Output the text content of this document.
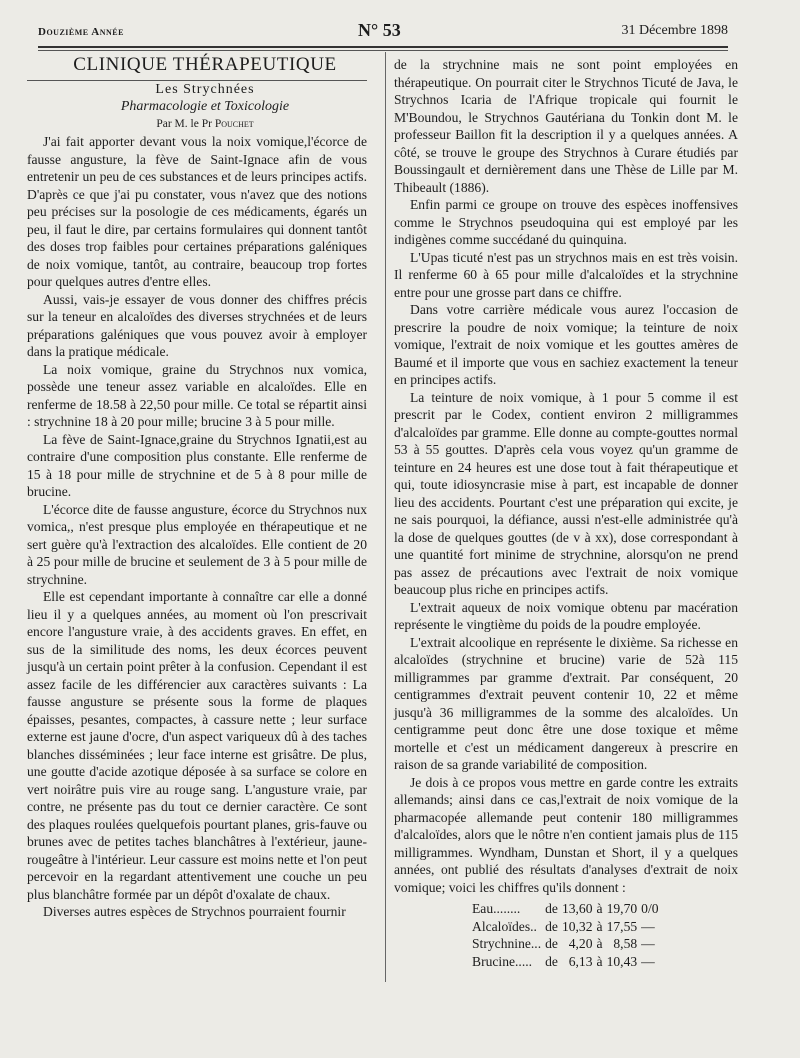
Douzième Année	N° 53	31 Décembre 1898

CLINIQUE THÉRAPEUTIQUE

Les Strychnées

Pharmacologie et Toxicologie

Par M. le Pr Pouchet

J'ai fait apporter devant vous la noix vomique,l'écorce de fausse angusture, la fève de Saint-Ignace afin de vous entretenir un peu de ces substances et de leurs principes actifs. D'après ce que j'ai pu constater, vous n'avez que des notions peu précises sur la posologie de ces médicaments, égarés un peu, il faut le dire, par certains formulaires qui donnent tantôt des doses trop faibles pour certaines préparations galéniques de noix vomique, tantôt, au contraire, beaucoup trop fortes pour quelques autres d'entre elles.

Aussi, vais-je essayer de vous donner des chiffres précis sur la teneur en alcaloïdes des diverses strychnées et de leurs préparations galéniques que vous pouvez avoir à employer dans la pratique médicale.

La noix vomique, graine du Strychnos nux vomica, possède une teneur assez variable en alcaloïdes. Elle en renferme de 18.58 à 22,50 pour mille. Ce total se répartit ainsi : strychnine 18 à 20 pour mille; brucine 3 à 5 pour mille.

La fève de Saint-Ignace,graine du Strychnos Ignatii,est au contraire d'une composition plus constante. Elle renferme de 15 à 18 pour mille de strychnine et de 5 à 8 pour mille de brucine.

L'écorce dite de fausse angusture, écorce du Strychnos nux vomica,, n'est presque plus employée en thérapeutique et ne sert guère qu'à l'extraction des alcaloïdes. Elle contient de 20 à 25 pour mille de brucine et seulement de 3 à 5 pour mille de strychnine.

Elle est cependant importante à connaître car elle a donné lieu il y a quelques années, au moment où l'on prescrivait encore l'angusture vraie, à des accidents graves. En effet, en sus de la similitude des noms, les deux écorces peuvent jusqu'à un certain point prêter à la confusion. Cependant il est assez facile de les différencier aux caractères suivants : La fausse angusture se présente sous la forme de plaques épaisses, pesantes, compactes, à cassure nette ; leur surface externe est jaune d'ocre, d'un aspect variqueux dû à des taches blanches disséminées ; leur face interne est grisâtre. De plus, une goutte d'acide azotique déposée à sa surface se colore en vert noirâtre puis vire au rouge sang. L'angusture vraie, par contre, ne présente pas du tout ce dernier caractère. Ce sont des plaques roulées quelquefois pourtant planes, gris-fauve ou brunes avec de petites taches blanchâtres à l'extérieur, jaune-rougeâtre à l'intérieur. Leur cassure est moins nette et l'on peut percevoir en la regardant attentivement une couche un peu plus blanchâtre formée par un dépôt d'oxalate de chaux.

Diverses autres espèces de Strychnos pourraient fournir

de la strychnine mais ne sont point employées en thérapeutique. On pourrait citer le Strychnos Ticuté de Java, le Strychnos Icaria de l'Afrique tropicale qui fournit le M'Boundou, le Strychnos Gautériana du Tonkin dont M. le professeur Baillon fit la description il y a quelques années. A côté, se trouve le groupe des Strychnos à Curare étudiés par Boussingault et dernièrement dans une Thèse de Lille par M. Thibeault (1886).

Enfin parmi ce groupe on trouve des espèces inoffensives comme le Strychnos pseudoquina qui est employé par les indigènes comme succédané du quinquina.

L'Upas ticuté n'est pas un strychnos mais en est très voisin. Il renferme 60 à 65 pour mille d'alcaloïdes et la strychnine entre pour une grosse part dans ce chiffre.

Dans votre carrière médicale vous aurez l'occasion de prescrire la poudre de noix vomique; la teinture de noix vomique, l'extrait de noix vomique et les gouttes amères de Baumé et il importe que vous en sachiez exactement la teneur en principes actifs.

La teinture de noix vomique, à 1 pour 5 comme il est prescrit par le Codex, contient environ 2 milligrammes d'alcaloïdes par gramme. Elle donne au compte-gouttes normal 53 à 55 gouttes. D'après cela vous voyez qu'un gramme de teinture en 24 heures est une dose tout à fait thérapeutique et qui, toute idiosyncrasie mise à part, est incapable de donner lieu des accidents. Pourtant c'est une préparation qui excite, je ne sais pourquoi, la défiance, aussi n'est-elle administrée qu'à la dose de quelques gouttes (de v à xx), dose correspondant à une quantité fort minime de strychnine, alorsqu'on ne prend pas assez de précautions avec l'extrait de noix vomique beaucoup plus riche en principes actifs.

L'extrait aqueux de noix vomique obtenu par macération représente le vingtième du poids de la poudre employée.

L'extrait alcoolique en représente le dixième. Sa richesse en alcaloïdes (strychnine et brucine) varie de 52à 115 milligrammes par gramme d'extrait. Par conséquent, 20 centigrammes d'extrait peuvent contenir 10, 22 et même jusqu'à 36 milligrammes de la somme des alcaloïdes. Un centigramme peut donc être une dose toxique et même mortelle et c'est un médicament dangereux à prescrire en raison de sa grande variabilité de composition.

Je dois à ce propos vous mettre en garde contre les extraits allemands; ainsi dans ce cas,l'extrait de noix vomique de la pharmacopée allemande peut contenir 180 milligrammes d'alcaloïdes, alors que le nôtre n'en contient jamais plus de 115 milligrammes. Wyndham, Dunstan et Short, il y a quelques années, ont publié des résultats d'analyses d'extrait de noix vomique; voici les chiffres qu'ils donnent :

Eau........	de	13,60	à	19,70	0/0
Alcaloïdes..	de	10,32	à	17,55	—
Strychnine...	de	4,20	à	8,58	—
Brucine.....	de	6,13	à	10,43	—
